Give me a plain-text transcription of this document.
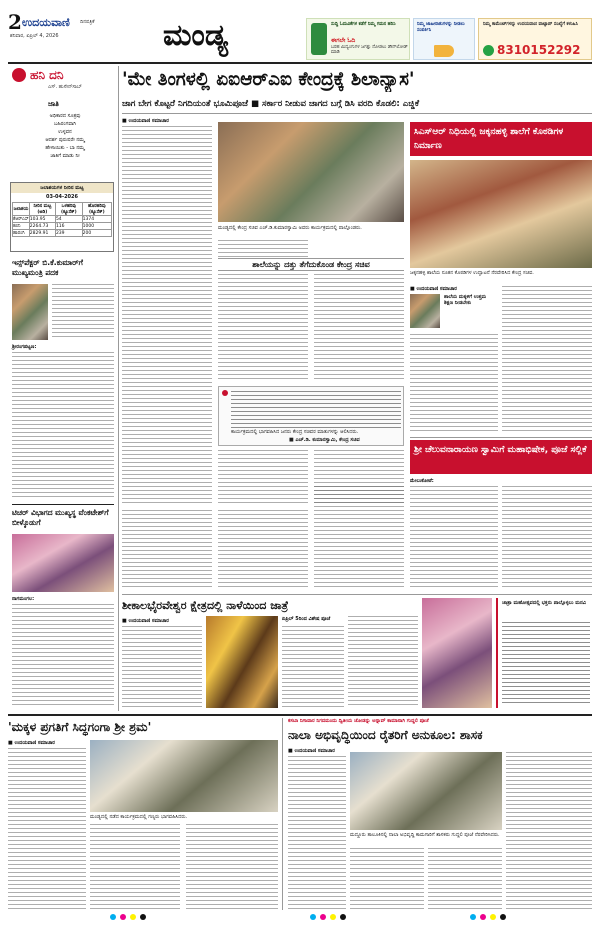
2 ಉದಯವಾಣಿ ದಿನಪತ್ರಿಕೆ
ಶನಿವಾರ, ಏಪ್ರಿಲ್ 4, 2026	ಮಂಡ್ಯ	ಸುದ್ದಿ ಓದುವಿಕೆಗಳ ಕಡೆಗೆ ನಿಮ್ಮ ಗಮನ ಹರಿಸಿ
ಈಗಲೇ ಓದಿ
ಬರಹ ಮಿದ್ವಂಗುಗಳ ಜಗತ್ತು ನೋಡಲು ಡೌನ್‌ಲೋಡ್ ಮಾಡಿ
ನಿಮ್ಮ ಜಾಹೀರಾತುಗಳನ್ನು ನೀಡಲು ಸಂಪರ್ಕಿಸಿ
ನಿಮ್ಮ ಕಾಮೆಂಟ್‌ಗಳನ್ನು ಉದಯವಾಣಿ ವಾಟ್ಸಾಪ್ ಸಂಖ್ಯೆಗೆ ಕಳುಹಿಸಿ
8310152292
ಹನಿ ದನಿ
ಎಸ್. ಹುಸೇನ್‌ಸಾಬ್
ಜಾತಿ
ಅಧಿಕಾರದ ಸೂತ್ರವು
ಬಹಿರಂಗವಾಗಿ
ಉಳ್ಳವನ
ಆದರ್ಶ ಪುರುಷರೇ ನಮ್ಮ
ಹೇಳಾಯಿತು - ಬಾ ನಮ್ಮ
ಜಾತಿಗೆ ಮಾಡು ನೀ
ಜಲಾಶಯಗಳ ನೀರಿನ ಮಟ್ಟ
03-04-2026
ಜಲಾಶಯ	ನೀರಿನ ಮಟ್ಟ (ಅಡಿ)	ಒಳಹರಿವು (ಕ್ಯೂಸೆಕ್)	ಹೊರಹರಿವು (ಕ್ಯೂಸೆಕ್)
ಕೆಆರ್‌ಎಸ್	103.95	54	1374
ಕಬಿನಿ	2264.73	116	1000
ಹಾರಂಗಿ	2829.91	239	200
ಇನ್ಸ್‌ಪೆಕ್ಟರ್ ಬಿ.ಕೆ.ಕುಮಾರ್‌ಗೆ ಮುಖ್ಯಮಂತ್ರಿ ಪದಕ
ಶ್ರೀರಂಗಪಟ್ಟಣ:
ಟಿಚರ್ ವಿಭಾಗದ ಮುಖ್ಯಸ್ಥ ವೆಂಕಟೇಶ್‌ಗೆ ಬೀಳ್ಕೊಡುಗೆ
ನಾಗಮಂಗಲ:
'ಮೇ ತಿಂಗಳಲ್ಲಿ ಏಐಆರ್‌ಎಐ ಕೇಂದ್ರಕ್ಕೆ ಶಿಲಾನ್ಯಾಸ'
ಜಾಗ ಬೇಗ ಕೊಟ್ಟರೆ ನಿಗದಿಯಂತೆ ಭೂಮಿಪೂಜೆ ■ ಸರ್ಕಾರ ನೀಡುವ ಜಾಗದ ಬಗ್ಗೆ ಡಿಸಿ ವರದಿ ಕೊಡಲಿ: ಎಚ್ಡಿಕೆ
■ ಉದಯವಾಣಿ ಸಮಾಚಾರ
ಮಂಡ್ಯದಲ್ಲಿ ಕೇಂದ್ರ ಸಚಿವ ಎಚ್.ಡಿ.ಕುಮಾರಸ್ವಾಮಿ ಅವರು ಕಾರ್ಯಕ್ರಮದಲ್ಲಿ ಪಾಲ್ಗೊಂಡರು.
ಶಾಲೆಯನ್ನು ದತ್ತು ತೆಗೆದುಕೊಂಡ ಕೇಂದ್ರ ಸಚಿವ
ಕಾರ್ಯಕ್ರಮದಲ್ಲಿ ಭಾಗವಹಿಸಿದ ಜನರು ಕೇಂದ್ರ ಸಚಿವರ ಮಾತುಗಳನ್ನು ಆಲಿಸಿದರು.
■ ಎಚ್.ಡಿ. ಕುಮಾರಸ್ವಾಮಿ, ಕೇಂದ್ರ ಸಚಿವ
ಸಿಎಸ್‌ಆರ್ ನಿಧಿಯಲ್ಲಿ ಜಕ್ಕನಹಳ್ಳಿ ಶಾಲೆಗೆ ಕೊಠಡಿಗಳ ನಿರ್ಮಾಣ
ಜಕ್ಕನಹಳ್ಳಿ ಶಾಲೆಯ ನೂತನ ಕೊಠಡಿಗಳ ಉದ್ಘಾಟನೆ ನೆರವೇರಿಸಿದ ಕೇಂದ್ರ ಸಚಿವ.
■ ಉದಯವಾಣಿ ಸಮಾಚಾರ
ಶಾಲೆಯ ಮಕ್ಕಳಿಗೆ ಉತ್ತಮ ಶಿಕ್ಷಣ ನೀಡಬೇಕು
ಶ್ರೀ ಚೆಲುವನಾರಾಯಣ ಸ್ವಾಮಿಗೆ ಮಹಾಭಿಷೇಕ, ಪೂಜೆ ಸಲ್ಲಿಕೆ
ಮೇಲುಕೋಟೆ:
ಶೀಕಾಲಭೈರವೇಶ್ವರ ಕ್ಷೇತ್ರದಲ್ಲಿ ನಾಳೆಯಿಂದ ಜಾತ್ರೆ
■ ಉದಯವಾಣಿ ಸಮಾಚಾರ	ಏಪ್ರಿಲ್ 5ರಿಂದ ವಿಶೇಷ ಪೂಜೆ
ಜಾತ್ರಾ ಮಹೋತ್ಸವದಲ್ಲಿ ಭಕ್ತರು ಪಾಲ್ಗೊಳ್ಳಲು ಮನವಿ
'ಮಕ್ಕಳ ಪ್ರಗತಿಗೆ ಸಿದ್ಧಗಂಗಾ ಶ್ರೀ ಶ್ರಮ'
■ ಉದಯವಾಣಿ ಸಮಾಚಾರ
ಮಂಡ್ಯದಲ್ಲಿ ನಡೆದ ಕಾರ್ಯಕ್ರಮದಲ್ಲಿ ಗಣ್ಯರು ಭಾಗವಹಿಸಿದರು.
ಕಸಬಾ ನಿಗಾವಾರ ನಿಗದಮಂದು ದ್ವಿತೀಯ ಜೋಡನ್ನು ಅನ್ನಾವ್ ಕಾಮಾನಾಗಿ ಗುದ್ದಲಿ ಪೂಜೆ
ನಾಲಾ ಅಭಿವೃದ್ಧಿಯಿಂದ ರೈತರಿಗೆ ಅನುಕೂಲ: ಶಾಸಕ
■ ಉದಯವಾಣಿ ಸಮಾಚಾರ
ಮದ್ದೂರು ತಾಲೂಕಿನಲ್ಲಿ ನಾಲಾ ಅಭಿವೃದ್ಧಿ ಕಾಮಗಾರಿಗೆ ಶಾಸಕರು ಗುದ್ದಲಿ ಪೂಜೆ ನೆರವೇರಿಸಿದರು.
